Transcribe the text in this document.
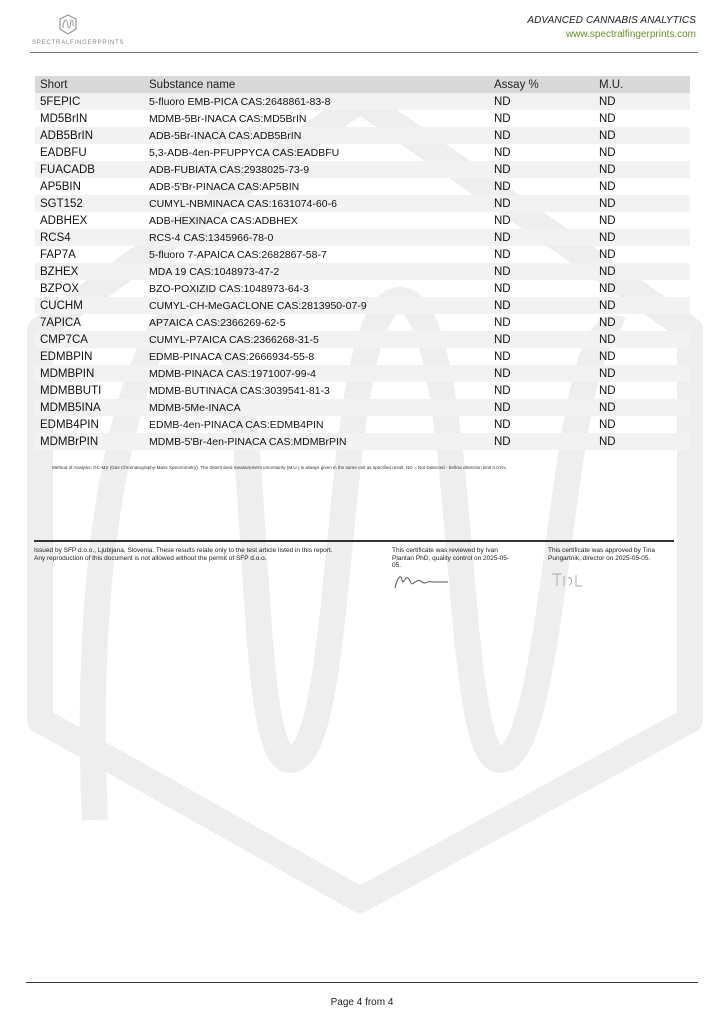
SPECTRALFINGERPRINTS
ADVANCED CANNABIS ANALYTICS
www.spectralfingerprints.com
Short	Substance name	Assay %	M.U.
5FEPIC	5-fluoro EMB-PICA CAS:2648861-83-8	ND	ND
MD5BrIN	MDMB-5Br-INACA CAS:MD5BrIN	ND	ND
ADB5BrIN	ADB-5Br-INACA CAS:ADB5BrIN	ND	ND
EADBFU	5,3-ADB-4en-PFUPPYCA CAS:EADBFU	ND	ND
FUACADB	ADB-FUBIATA CAS:2938025-73-9	ND	ND
AP5BIN	ADB-5'Br-PINACA CAS:AP5BIN	ND	ND
SGT152	CUMYL-NBMINACA CAS:1631074-60-6	ND	ND
ADBHEX	ADB-HEXINACA CAS:ADBHEX	ND	ND
RCS4	RCS-4 CAS:1345966-78-0	ND	ND
FAP7A	5-fluoro 7-APAICA CAS:2682867-58-7	ND	ND
BZHEX	MDA 19 CAS:1048973-47-2	ND	ND
BZPOX	BZO-POXIZID CAS:1048973-64-3	ND	ND
CUCHM	CUMYL-CH-MeGACLONE CAS:2813950-07-9	ND	ND
7APICA	AP7AICA CAS:2366269-62-5	ND	ND
CMP7CA	CUMYL-P7AICA CAS:2366268-31-5	ND	ND
EDMBPIN	EDMB-PINACA CAS:2666934-55-8	ND	ND
MDMBPIN	MDMB-PINACA CAS:1971007-99-4	ND	ND
MDMBBUTI	MDMB-BUTINACA CAS:3039541-81-3	ND	ND
MDMB5INA	MDMB-5Me-INACA	ND	ND
EDMB4PIN	EDMB-4en-PINACA CAS:EDMB4PIN	ND	ND
MDMBrPIN	MDMB-5'Br-4en-PINACA CAS:MDMBrPIN	ND	ND
Method of Analysis: GC-MS (Gas Chromatography-Mass Spectrometry). The determined measurement uncertainty (M.U.) is always given in the same unit as specified result. ND = Not Detected - bellow detection limit 0.01%.
Issued by SFP d.o.o., Ljubljana, Slovenia. These results relate only to the test article listed in this report.
Any reproduction of this document is not allowed without the permit of SFP d.o.o.
This certificate was reviewed by Ivan Plantan PhD, quality control on 2025-05-05.
This certificate was approved by Tina Pungartnik, director on 2025-05-05.
Page 4 from 4
